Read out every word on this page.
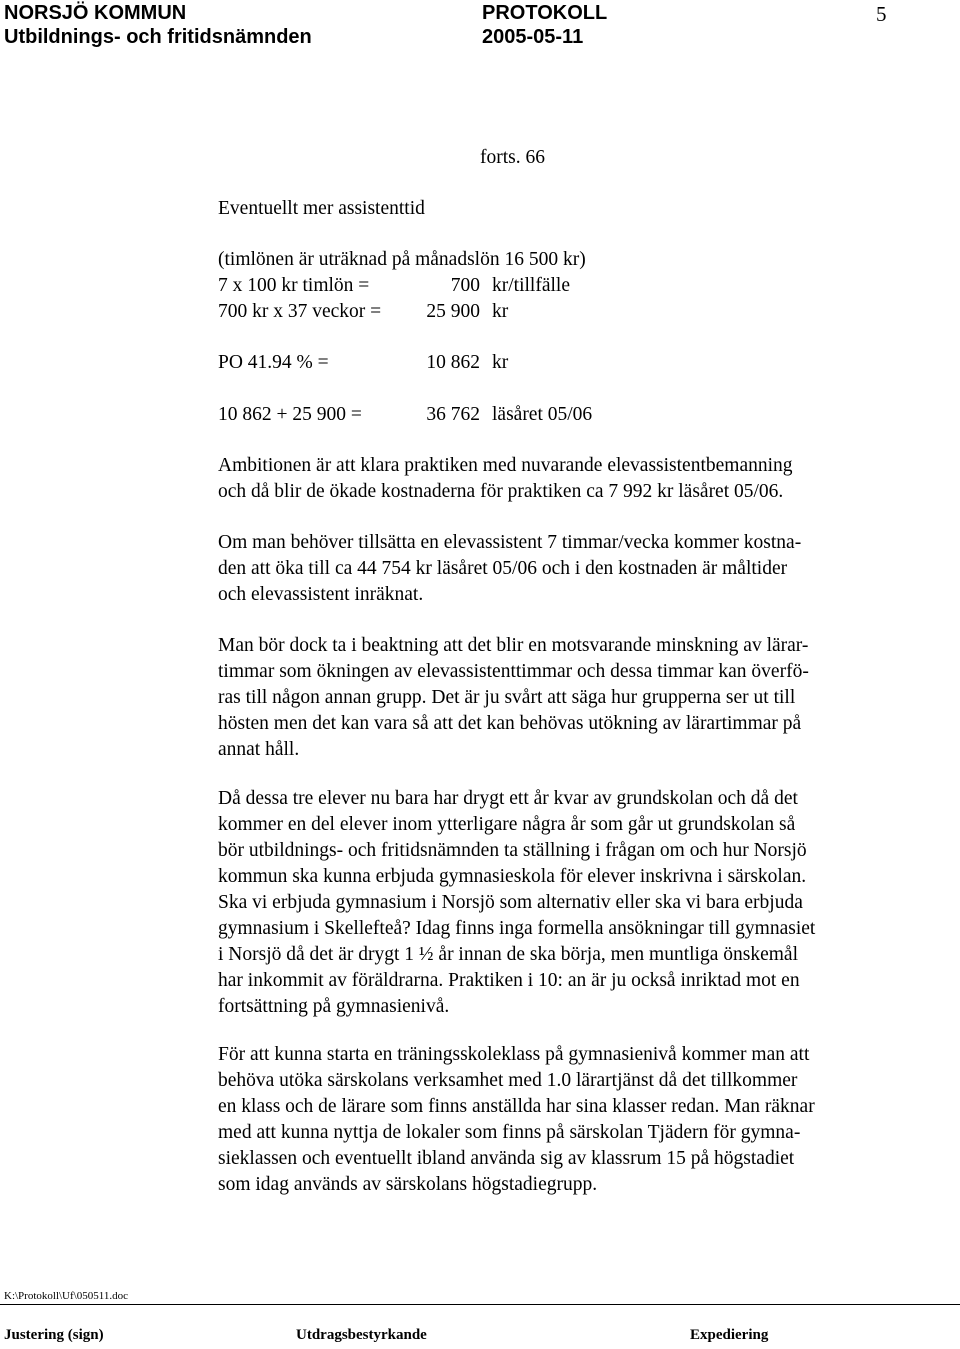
NORSJÖ KOMMUN
Utbildnings- och fritidsnämnden
PROTOKOLL
2005-05-11
5
forts. 66
Eventuellt mer assistenttid
(timlönen är uträknad på månadslön 16 500 kr)
7 x 100 kr timlön =	700 kr/tillfälle
700 kr x 37 veckor =	25 900 kr
PO 41.94 % =	10 862 kr
10 862 + 25 900 =	36 762 läsåret 05/06
Ambitionen är att klara praktiken med nuvarande elevassistentbemanning
och då blir de ökade kostnaderna för praktiken ca 7 992 kr läsåret 05/06.
Om man behöver tillsätta en elevassistent 7 timmar/vecka kommer kostna-
den att öka till ca 44 754 kr läsåret 05/06 och i den kostnaden är måltider
och elevassistent inräknat.
Man bör dock ta i beaktning att det blir en motsvarande minskning av lärar-
timmar som ökningen av elevassistenttimmar och dessa timmar kan överfö-
ras till någon annan grupp. Det är ju svårt att säga hur grupperna ser ut till
hösten men det kan vara så att det kan behövas utökning av lärartimmar på
annat håll.
Då dessa tre elever nu bara har drygt ett år kvar av grundskolan och då det
kommer en del elever inom ytterligare några år som går ut grundskolan så
bör utbildnings- och fritidsnämnden ta ställning i frågan om och hur Norsjö
kommun ska kunna erbjuda gymnasieskola för elever inskrivna i särskolan.
Ska vi erbjuda gymnasium i Norsjö som alternativ eller ska vi bara erbjuda
gymnasium i Skellefteå? Idag finns inga formella ansökningar till gymnasiet
i Norsjö då det är drygt 1 ½ år innan de ska börja, men muntliga önskemål
har inkommit av föräldrarna. Praktiken i 10: an är ju också inriktad mot en
fortsättning på gymnasienivå.
För att kunna starta en träningsskoleklass på gymnasienivå kommer man att
behöva utöka särskolans verksamhet med 1.0 lärartjänst då det tillkommer
en klass och de lärare som finns anställda har sina klasser redan. Man räknar
med att kunna nyttja de lokaler som finns på särskolan Tjädern för gymna-
sieklassen och eventuellt ibland använda sig av klassrum 15 på högstadiet
som idag används av särskolans högstadiegrupp.
K:\Protokoll\Uf\050511.doc
Justering (sign)	Utdragsbestyrkande	Expediering
